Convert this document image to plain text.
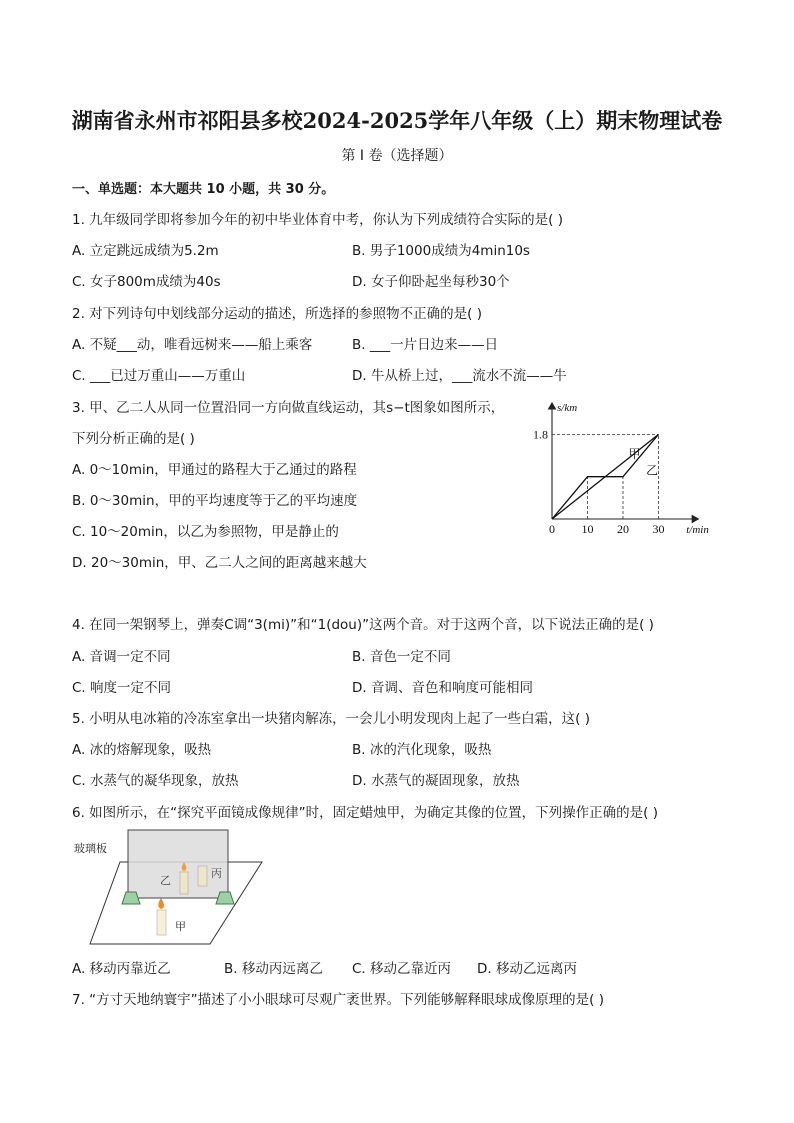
湖南省永州市祁阳县多校2024-2025学年八年级（上）期末物理试卷
第 I 卷（选择题）
一、单选题：本大题共 10 小题，共 30 分。
1. 九年级同学即将参加今年的初中毕业体育中考，你认为下列成绩符合实际的是( )
A. 立定跳远成绩为5.2m	B. 男子1000成绩为4min10s
C. 女子800m成绩为40s	D. 女子仰卧起坐每秒30个
2. 对下列诗句中划线部分运动的描述，所选择的参照物不正确的是( )
A. 不疑___动，唯看远树来——船上乘客	B. ___一片日边来——日
C. ___已过万重山——万重山	D. 牛从桥上过，___流水不流——牛
3. 甲、乙二人从同一位置沿同一方向做直线运动，其s−t图象如图所示，
下列分析正确的是( )
A. 0～10min，甲通过的路程大于乙通过的路程
B. 0～30min，甲的平均速度等于乙的平均速度
C. 10～20min，以乙为参照物，甲是静止的
D. 20～30min，甲、乙二人之间的距离越来越大
甲
乙
0 10 20 30
1.8
t/min
s/km
4. 在同一架钢琴上，弹奏C调“3(mi)”和“1(dou)”这两个音。对于这两个音，以下说法正确的是( )
A. 音调一定不同	B. 音色一定不同
C. 响度一定不同	D. 音调、音色和响度可能相同
5. 小明从电冰箱的冷冻室拿出一块猪肉解冻，一会儿小明发现肉上起了一些白霜，这( )
A. 冰的熔解现象，吸热	B. 冰的汽化现象，吸热
C. 水蒸气的凝华现象，放热	D. 水蒸气的凝固现象，放热
6. 如图所示，在“探究平面镜成像规律”时，固定蜡烛甲，为确定其像的位置，下列操作正确的是( )
玻璃板
乙
丙
甲
A. 移动丙靠近乙	B. 移动丙远离乙 C. 移动乙靠近丙 D. 移动乙远离丙
7. “方寸天地纳寰宇”描述了小小眼球可尽观广袤世界。下列能够解释眼球成像原理的是( )
